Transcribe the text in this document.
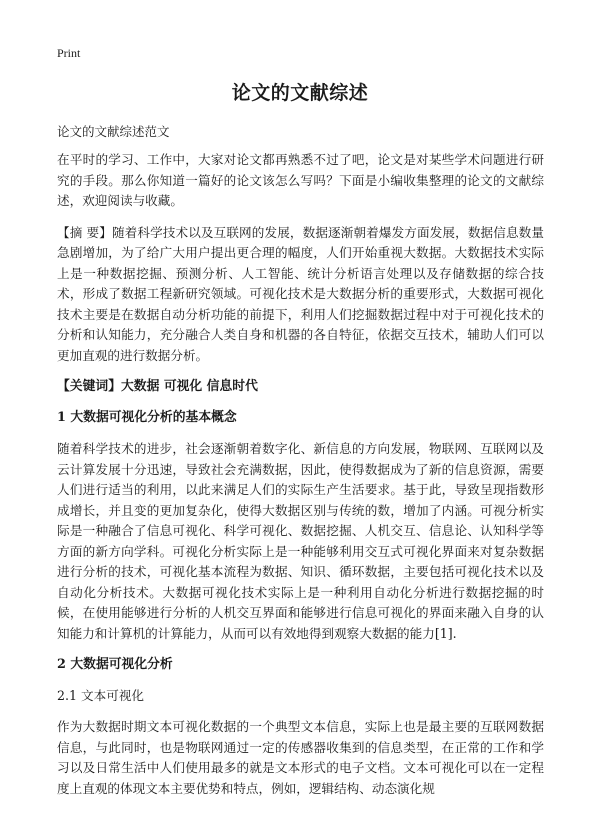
Print
论文的文献综述
论文的文献综述范文

在平时的学习、工作中，大家对论文都再熟悉不过了吧，论文是对某些学术问题进行研究的手段。那么你知道一篇好的论文该怎么写吗？下面是小编收集整理的论文的文献综述，欢迎阅读与收藏。

【摘 要】随着科学技术以及互联网的发展，数据逐渐朝着爆发方面发展，数据信息数量急剧增加，为了给广大用户提出更合理的幅度，人们开始重视大数据。大数据技术实际上是一种数据挖掘、预测分析、人工智能、统计分析语言处理以及存储数据的综合技术，形成了数据工程新研究领域。可视化技术是大数据分析的重要形式，大数据可视化技术主要是在数据自动分析功能的前提下，利用人们挖掘数据过程中对于可视化技术的分析和认知能力，充分融合人类自身和机器的各自特征，依据交互技术，辅助人们可以更加直观的进行数据分析。

【关键词】大数据 可视化 信息时代

1 大数据可视化分析的基本概念

随着科学技术的进步，社会逐渐朝着数字化、新信息的方向发展，物联网、互联网以及云计算发展十分迅速，导致社会充满数据，因此，使得数据成为了新的信息资源，需要人们进行适当的利用，以此来满足人们的实际生产生活要求。基于此，导致呈现指数形成增长，并且变的更加复杂化，使得大数据区别与传统的数，增加了内涵。可视分析实际是一种融合了信息可视化、科学可视化、数据挖掘、人机交互、信息论、认知科学等方面的新方向学科。可视化分析实际上是一种能够利用交互式可视化界面来对复杂数据进行分析的技术，可视化基本流程为数据、知识、循环数据，主要包括可视化技术以及自动化分析技术。大数据可视化技术实际上是一种利用自动化分析进行数据挖掘的时候，在使用能够进行分析的人机交互界面和能够进行信息可视化的界面来融入自身的认知能力和计算机的计算能力，从而可以有效地得到观察大数据的能力[1].

2 大数据可视化分析

2.1 文本可视化

作为大数据时期文本可视化数据的一个典型文本信息，实际上也是最主要的互联网数据信息，与此同时，也是物联网通过一定的传感器收集到的信息类型，在正常的工作和学习以及日常生活中人们使用最多的就是文本形式的电子文档。文本可视化可以在一定程度上直观的体现文本主要优势和特点，例如，逻辑结构、动态演化规
